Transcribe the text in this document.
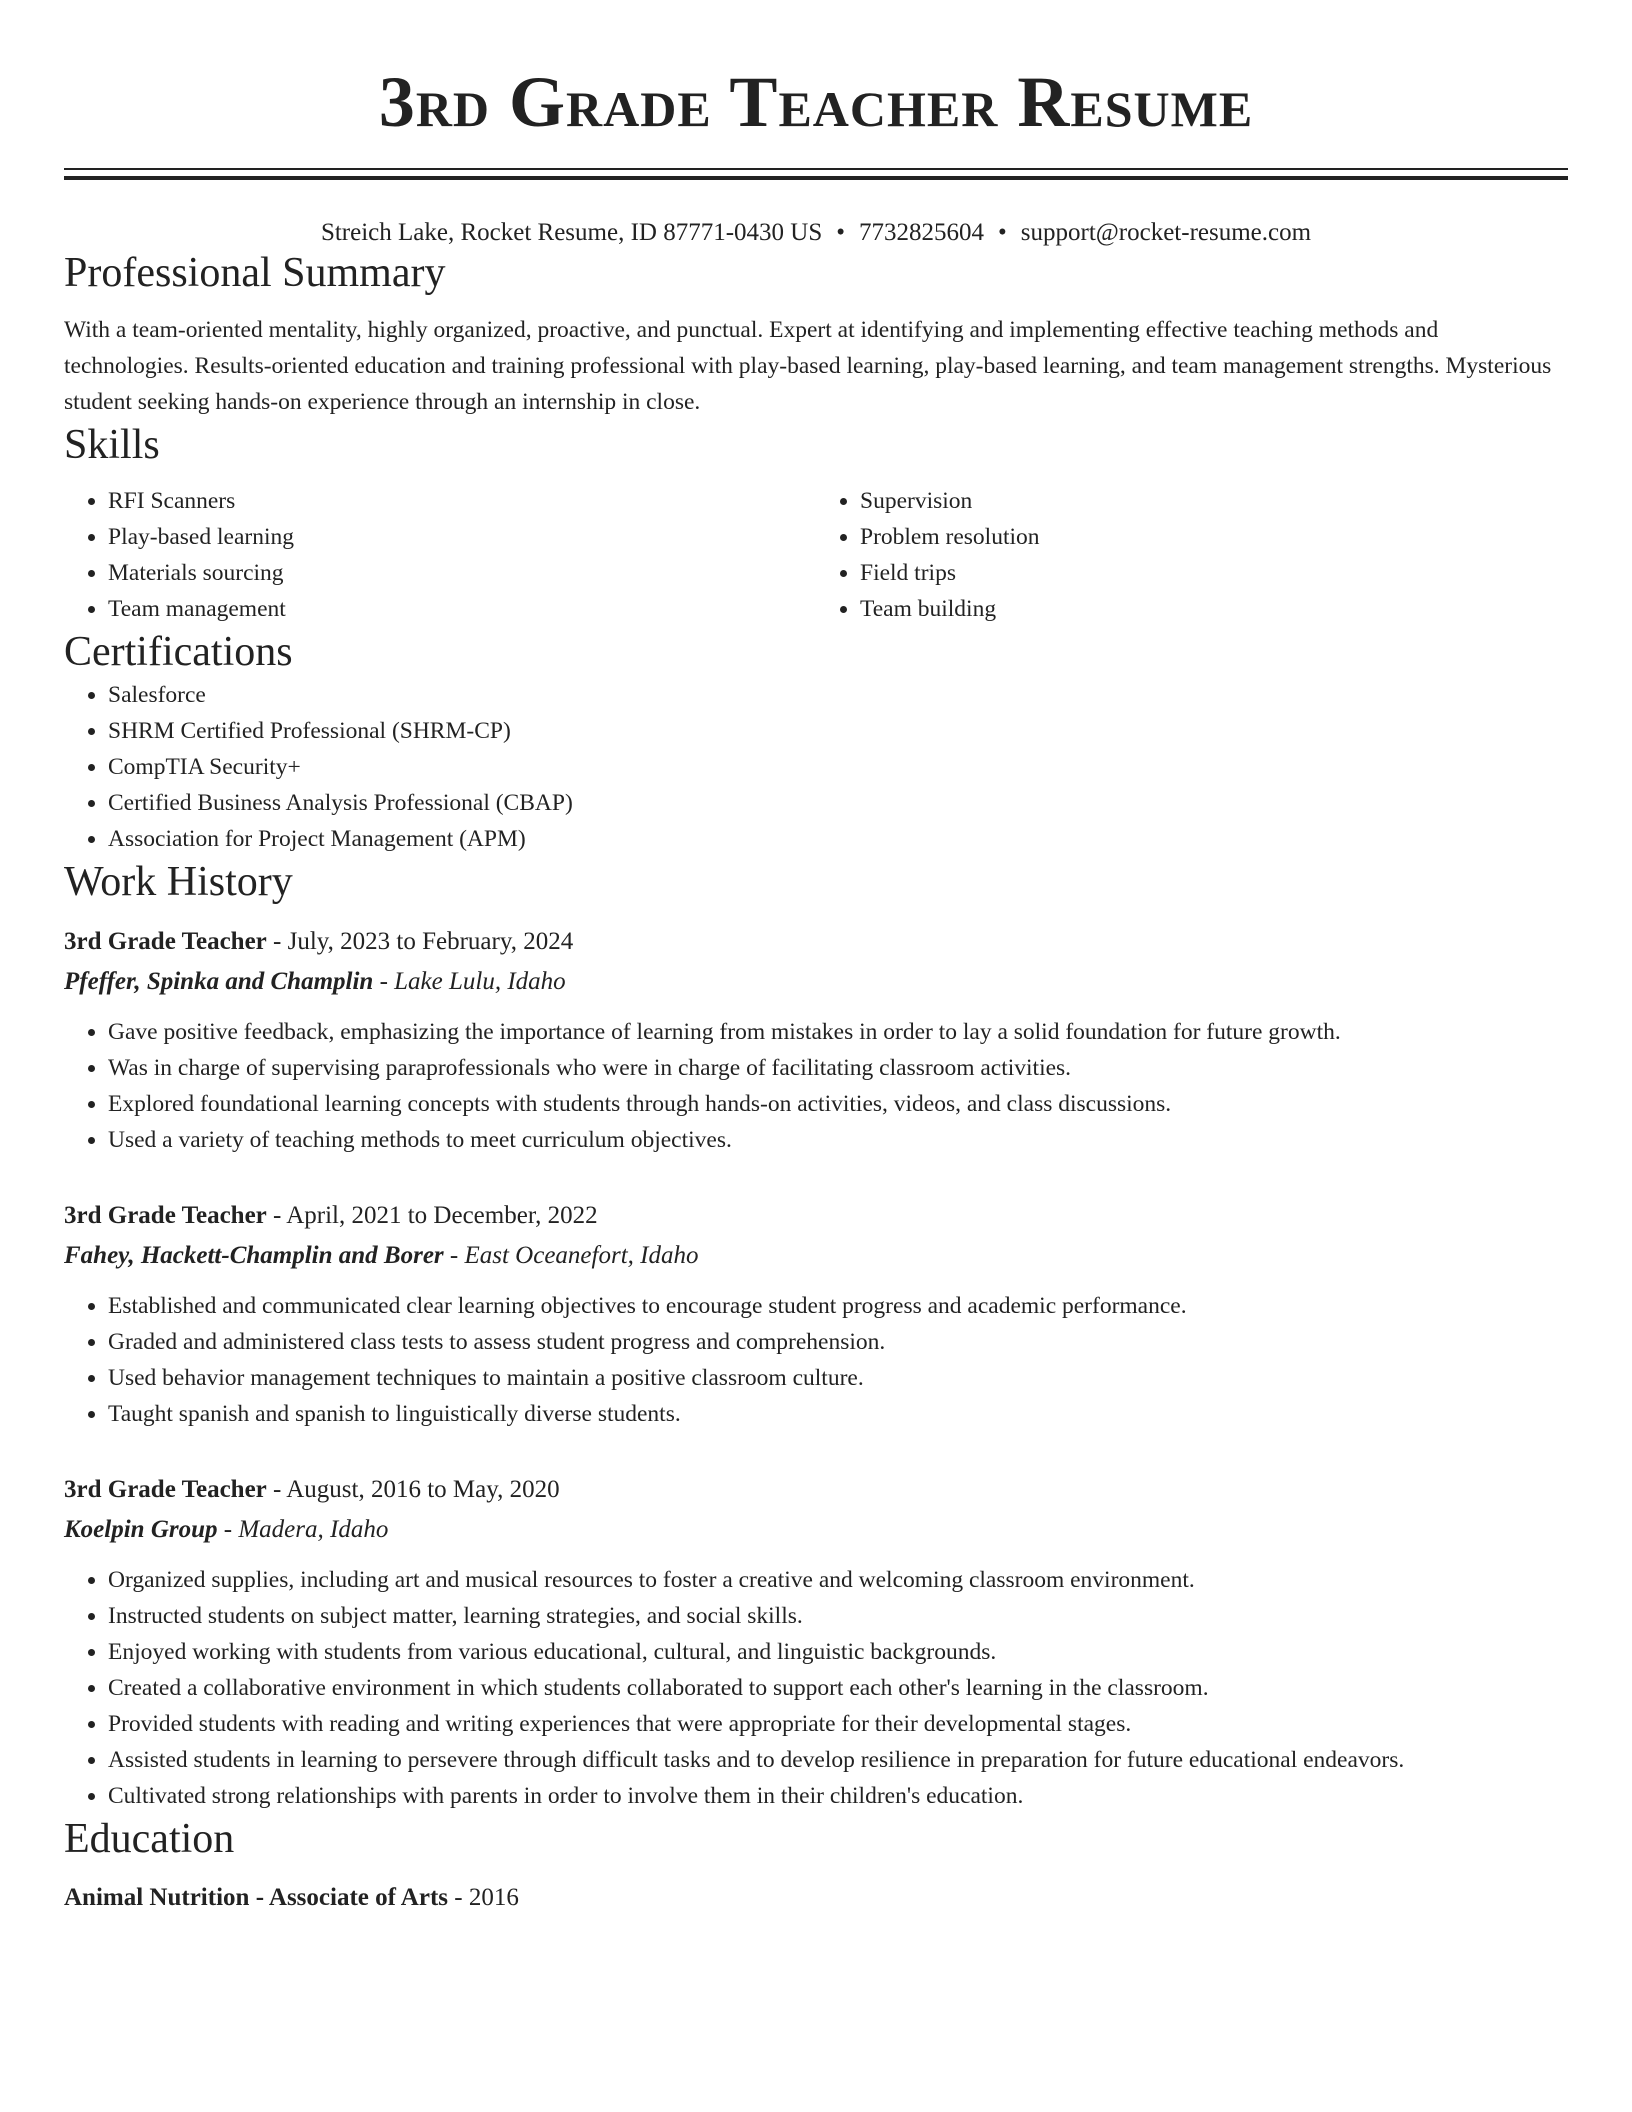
3rd Grade Teacher Resume
Streich Lake, Rocket Resume, ID 87771-0430 US • 7732825604 • support@rocket-resume.com
Professional Summary

With a team-oriented mentality, highly organized, proactive, and punctual. Expert at identifying and implementing effective teaching methods and technologies. Results-oriented education and training professional with play-based learning, play-based learning, and team management strengths. Mysterious student seeking hands-on experience through an internship in close.

Skills
• RFI Scanners
• Play-based learning
• Materials sourcing
• Team management
• Supervision
• Problem resolution
• Field trips
• Team building
Certifications
• Salesforce
• SHRM Certified Professional (SHRM-CP)
• CompTIA Security+
• Certified Business Analysis Professional (CBAP)
• Association for Project Management (APM)
Work History
3rd Grade Teacher - July, 2023 to February, 2024
Pfeffer, Spinka and Champlin - Lake Lulu, Idaho
• Gave positive feedback, emphasizing the importance of learning from mistakes in order to lay a solid foundation for future growth.
• Was in charge of supervising paraprofessionals who were in charge of facilitating classroom activities.
• Explored foundational learning concepts with students through hands-on activities, videos, and class discussions.
• Used a variety of teaching methods to meet curriculum objectives.
3rd Grade Teacher - April, 2021 to December, 2022
Fahey, Hackett-Champlin and Borer - East Oceanefort, Idaho
• Established and communicated clear learning objectives to encourage student progress and academic performance.
• Graded and administered class tests to assess student progress and comprehension.
• Used behavior management techniques to maintain a positive classroom culture.
• Taught spanish and spanish to linguistically diverse students.
3rd Grade Teacher - August, 2016 to May, 2020
Koelpin Group - Madera, Idaho
• Organized supplies, including art and musical resources to foster a creative and welcoming classroom environment.
• Instructed students on subject matter, learning strategies, and social skills.
• Enjoyed working with students from various educational, cultural, and linguistic backgrounds.
• Created a collaborative environment in which students collaborated to support each other's learning in the classroom.
• Provided students with reading and writing experiences that were appropriate for their developmental stages.
• Assisted students in learning to persevere through difficult tasks and to develop resilience in preparation for future educational endeavors.
• Cultivated strong relationships with parents in order to involve them in their children's education.
Education
Animal Nutrition - Associate of Arts - 2016
